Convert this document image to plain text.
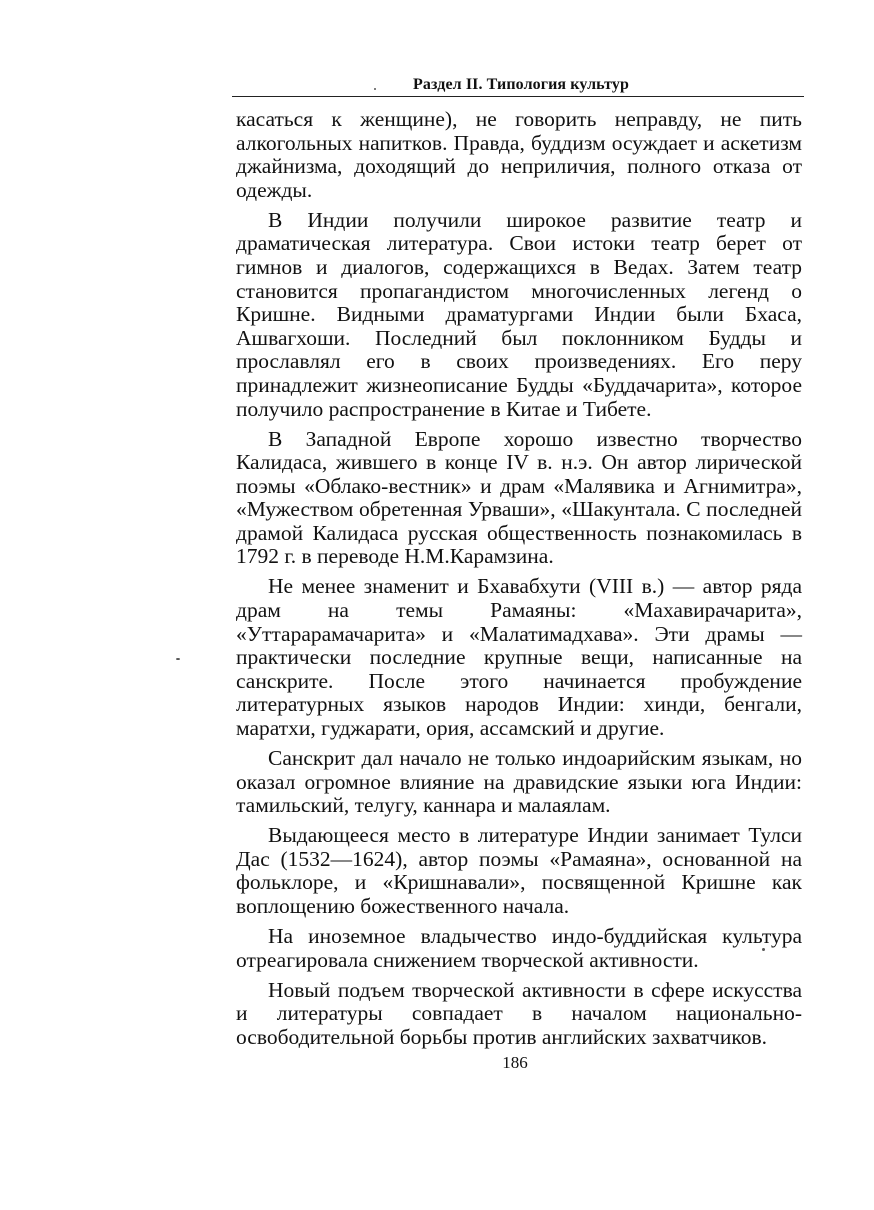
Раздел II. Типология культур

касаться к женщине), не говорить неправду, не пить алкогольных напитков. Правда, буддизм осуждает и аскетизм джайнизма, доходящий до неприличия, полного отказа от одежды.

В Индии получили широкое развитие театр и драматическая литература. Свои истоки театр берет от гимнов и диалогов, содержащихся в Ведах. Затем театр становится пропагандистом многочисленных легенд о Кришне. Видными драматургами Индии были Бхаса, Ашвагхоши. Последний был поклонником Будды и прославлял его в своих произведениях. Его перу принадлежит жизнеописание Будды «Буддачарита», которое получило распространение в Китае и Тибете.

В Западной Европе хорошо известно творчество Калидаса, жившего в конце IV в. н.э. Он автор лирической поэмы «Облако-вестник» и драм «Малявика и Агнимитра», «Мужеством обретенная Урваши», «Шакунтала. С последней драмой Калидаса русская общественность познакомилась в 1792 г. в переводе Н.М.Карамзина.

Не менее знаменит и Бхавабхути (VIII в.) — автор ряда драм на темы Рамаяны: «Махавирачарита», «Уттарарамачарита» и «Малатимадхава». Эти драмы — практически последние крупные вещи, написанные на санскрите. После этого начинается пробуждение литературных языков народов Индии: хинди, бенгали, маратхи, гуджарати, ория, ассамский и другие.

Санскрит дал начало не только индоарийским языкам, но оказал огромное влияние на дравидские языки юга Индии: тамильский, телугу, каннара и малаялам.

Выдающееся место в литературе Индии занимает Тулси Дас (1532—1624), автор поэмы «Рамаяна», основанной на фольклоре, и «Кришнавали», посвященной Кришне как воплощению божественного начала.

На иноземное владычество индо-буддийская культура отреагировала снижением творческой активности.

Новый подъем творческой активности в сфере искусства и литературы совпадает в началом национально-освободительной борьбы против английских захватчиков.

186
